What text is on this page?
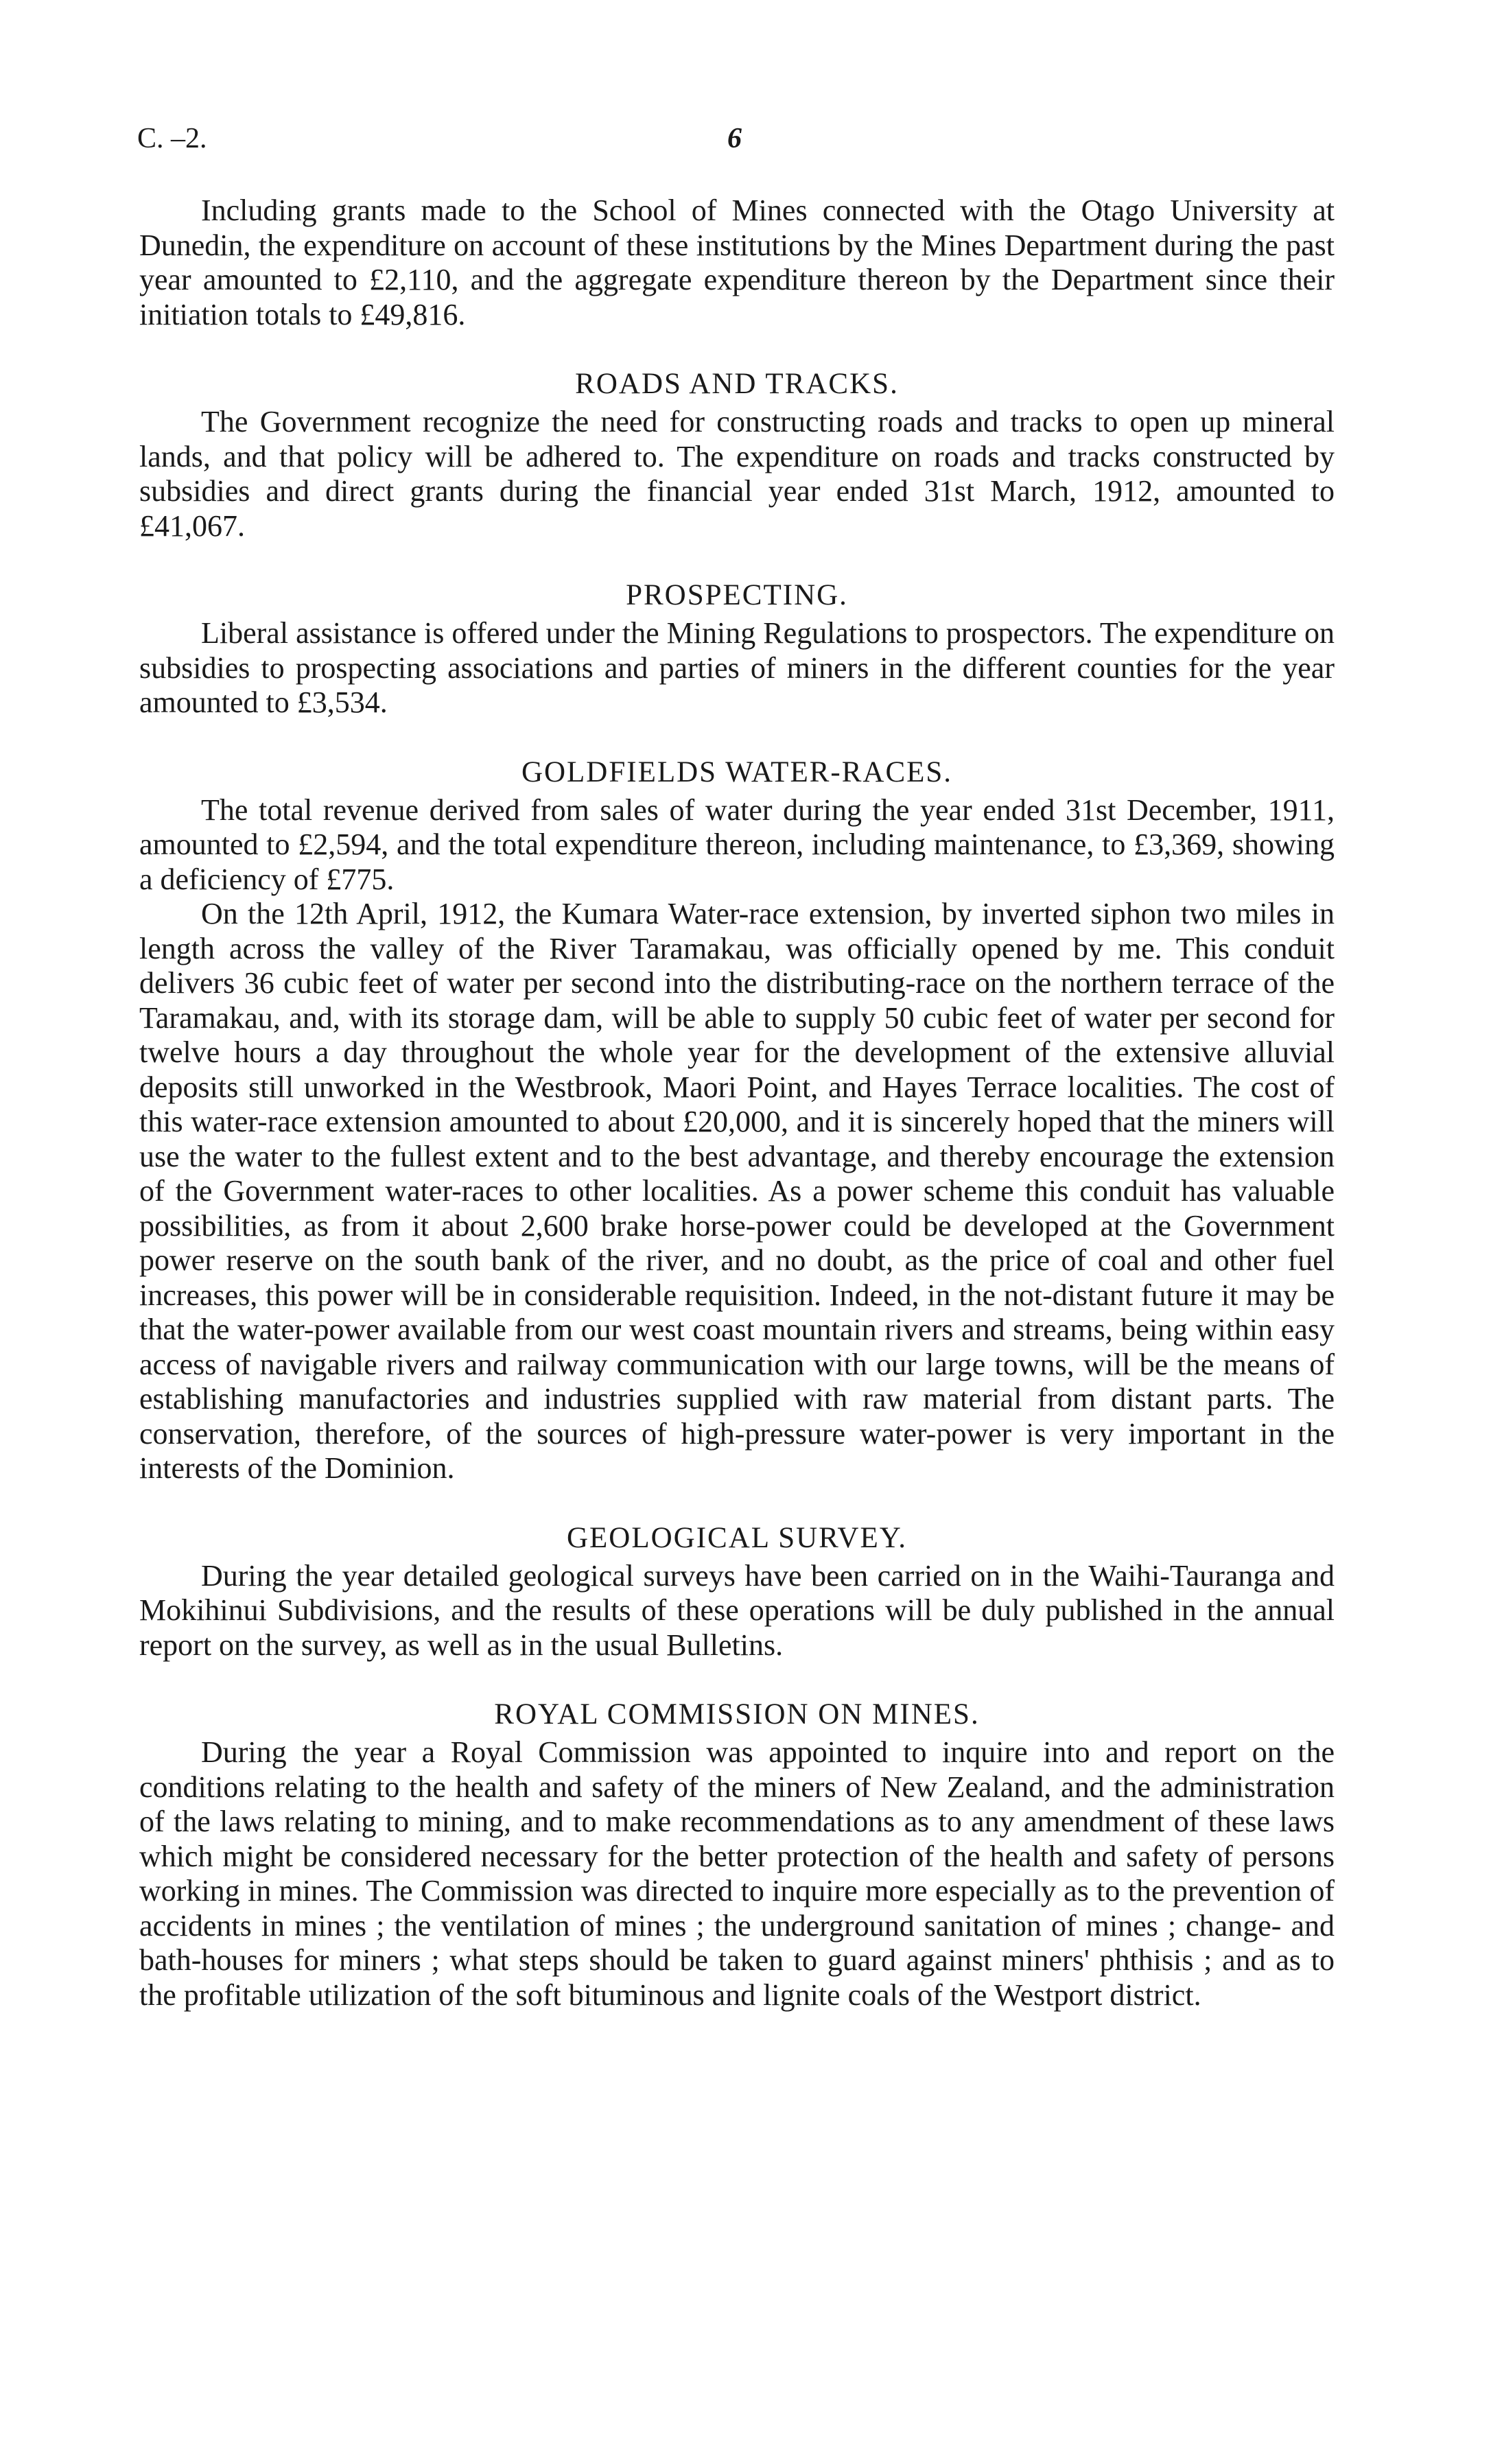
C. –2.	6

Including grants made to the School of Mines connected with the Otago University at Dunedin, the expenditure on account of these institutions by the Mines Department during the past year amounted to £2,110, and the aggregate expenditure thereon by the Department since their initiation totals to £49,816.

ROADS AND TRACKS.

The Government recognize the need for constructing roads and tracks to open up mineral lands, and that policy will be adhered to. The expenditure on roads and tracks constructed by subsidies and direct grants during the financial year ended 31st March, 1912, amounted to £41,067.

PROSPECTING.

Liberal assistance is offered under the Mining Regulations to prospectors. The expenditure on subsidies to prospecting associations and parties of miners in the different counties for the year amounted to £3,534.

GOLDFIELDS WATER-RACES.

The total revenue derived from sales of water during the year ended 31st December, 1911, amounted to £2,594, and the total expenditure thereon, including maintenance, to £3,369, showing a deficiency of £775.

On the 12th April, 1912, the Kumara Water-race extension, by inverted siphon two miles in length across the valley of the River Taramakau, was officially opened by me. This conduit delivers 36 cubic feet of water per second into the distributing-race on the northern terrace of the Taramakau, and, with its storage dam, will be able to supply 50 cubic feet of water per second for twelve hours a day throughout the whole year for the development of the extensive alluvial deposits still unworked in the Westbrook, Maori Point, and Hayes Terrace localities. The cost of this water-race extension amounted to about £20,000, and it is sincerely hoped that the miners will use the water to the fullest extent and to the best advantage, and thereby encourage the extension of the Government water-races to other localities. As a power scheme this conduit has valuable possibilities, as from it about 2,600 brake horse-power could be developed at the Government power reserve on the south bank of the river, and no doubt, as the price of coal and other fuel increases, this power will be in considerable requisition. Indeed, in the not-distant future it may be that the water-power available from our west coast mountain rivers and streams, being within easy access of navigable rivers and railway communication with our large towns, will be the means of establishing manufactories and industries supplied with raw material from distant parts. The conservation, therefore, of the sources of high-pressure water-power is very important in the interests of the Dominion.

GEOLOGICAL SURVEY.

During the year detailed geological surveys have been carried on in the Waihi-Tauranga and Mokihinui Subdivisions, and the results of these operations will be duly published in the annual report on the survey, as well as in the usual Bulletins.

ROYAL COMMISSION ON MINES.

During the year a Royal Commission was appointed to inquire into and report on the conditions relating to the health and safety of the miners of New Zealand, and the administration of the laws relating to mining, and to make recommendations as to any amendment of these laws which might be considered necessary for the better protection of the health and safety of persons working in mines. The Commission was directed to inquire more especially as to the prevention of accidents in mines ; the ventilation of mines ; the underground sanitation of mines ; change- and bath-houses for miners ; what steps should be taken to guard against miners' phthisis ; and as to the profitable utilization of the soft bituminous and lignite coals of the Westport district.
